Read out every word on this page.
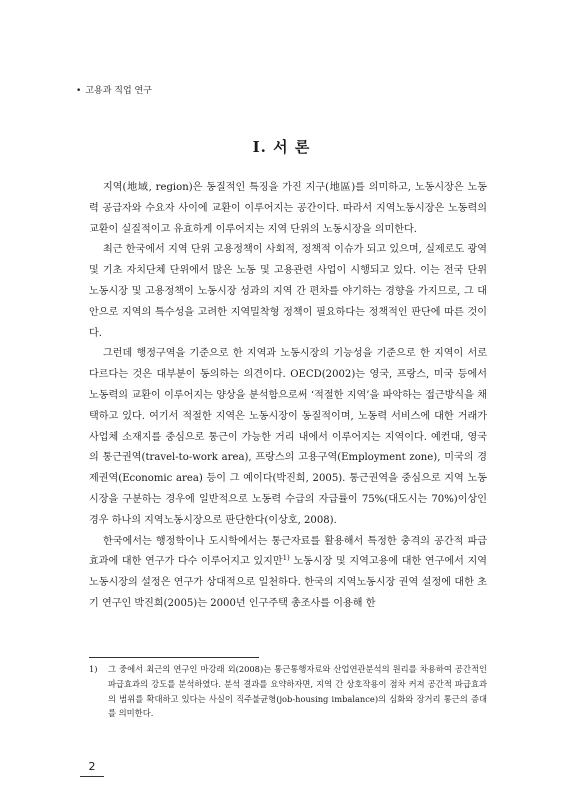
• 고용과 직업 연구
Ⅰ. 서 론

지역(地域, region)은 동질적인 특징을 가진 지구(地區)를 의미하고, 노동시장은 노동력 공급자와 수요자 사이에 교환이 이루어지는 공간이다. 따라서 지역노동시장은 노동력의 교환이 실질적이고 유효하게 이루어지는 지역 단위의 노동시장을 의미한다.

최근 한국에서 지역 단위 고용정책이 사회적, 정책적 이슈가 되고 있으며, 실제로도 광역 및 기초 자치단체 단위에서 많은 노동 및 고용관련 사업이 시행되고 있다. 이는 전국 단위 노동시장 및 고용정책이 노동시장 성과의 지역 간 편차를 야기하는 경향을 가지므로, 그 대안으로 지역의 특수성을 고려한 지역밀착형 정책이 필요하다는 정책적인 판단에 따른 것이다.

그런데 행정구역을 기준으로 한 지역과 노동시장의 기능성을 기준으로 한 지역이 서로 다르다는 것은 대부분이 동의하는 의견이다. OECD(2002)는 영국, 프랑스, 미국 등에서 노동력의 교환이 이루어지는 양상을 분석함으로써 ‘적절한 지역’을 파악하는 접근방식을 채택하고 있다. 여기서 적절한 지역은 노동시장이 동질적이며, 노동력 서비스에 대한 거래가 사업체 소재지를 중심으로 통근이 가능한 거리 내에서 이루어지는 지역이다. 예컨대, 영국의 통근권역(travel-to-work area), 프랑스의 고용구역(Employment zone), 미국의 경제권역(Economic area) 등이 그 예이다(박진희, 2005). 통근권역을 중심으로 지역 노동시장을 구분하는 경우에 일반적으로 노동력 수급의 자급률이 75%(대도시는 70%)이상인 경우 하나의 지역노동시장으로 판단한다(이상호, 2008).

한국에서는 행정학이나 도시학에서는 통근자료를 활용해서 특정한 충격의 공간적 파급효과에 대한 연구가 다수 이루어지고 있지만$^{1)}$ 노동시장 및 지역고용에 대한 연구에서 지역노동시장의 설정은 연구가 상대적으로 일천하다. 한국의 지역노동시장 권역 설정에 대한 초기 연구인 박진희(2005)는 2000년 인구주택 총조사를 이용해 한

1)	그 중에서 최근의 연구인 마강래 외(2008)는 통근통행자료와 산업연관분석의 원리를 차용하여 공간적인 파급효과의 강도를 분석하였다. 분석 결과를 요약하자면, 지역 간 상호작용이 점차 커져 공간적 파급효과의 범위를 확대하고 있다는 사실이 직주불균형(job-housing imbalance)의 심화와 장거리 통근의 증대를 의미한다.
2
